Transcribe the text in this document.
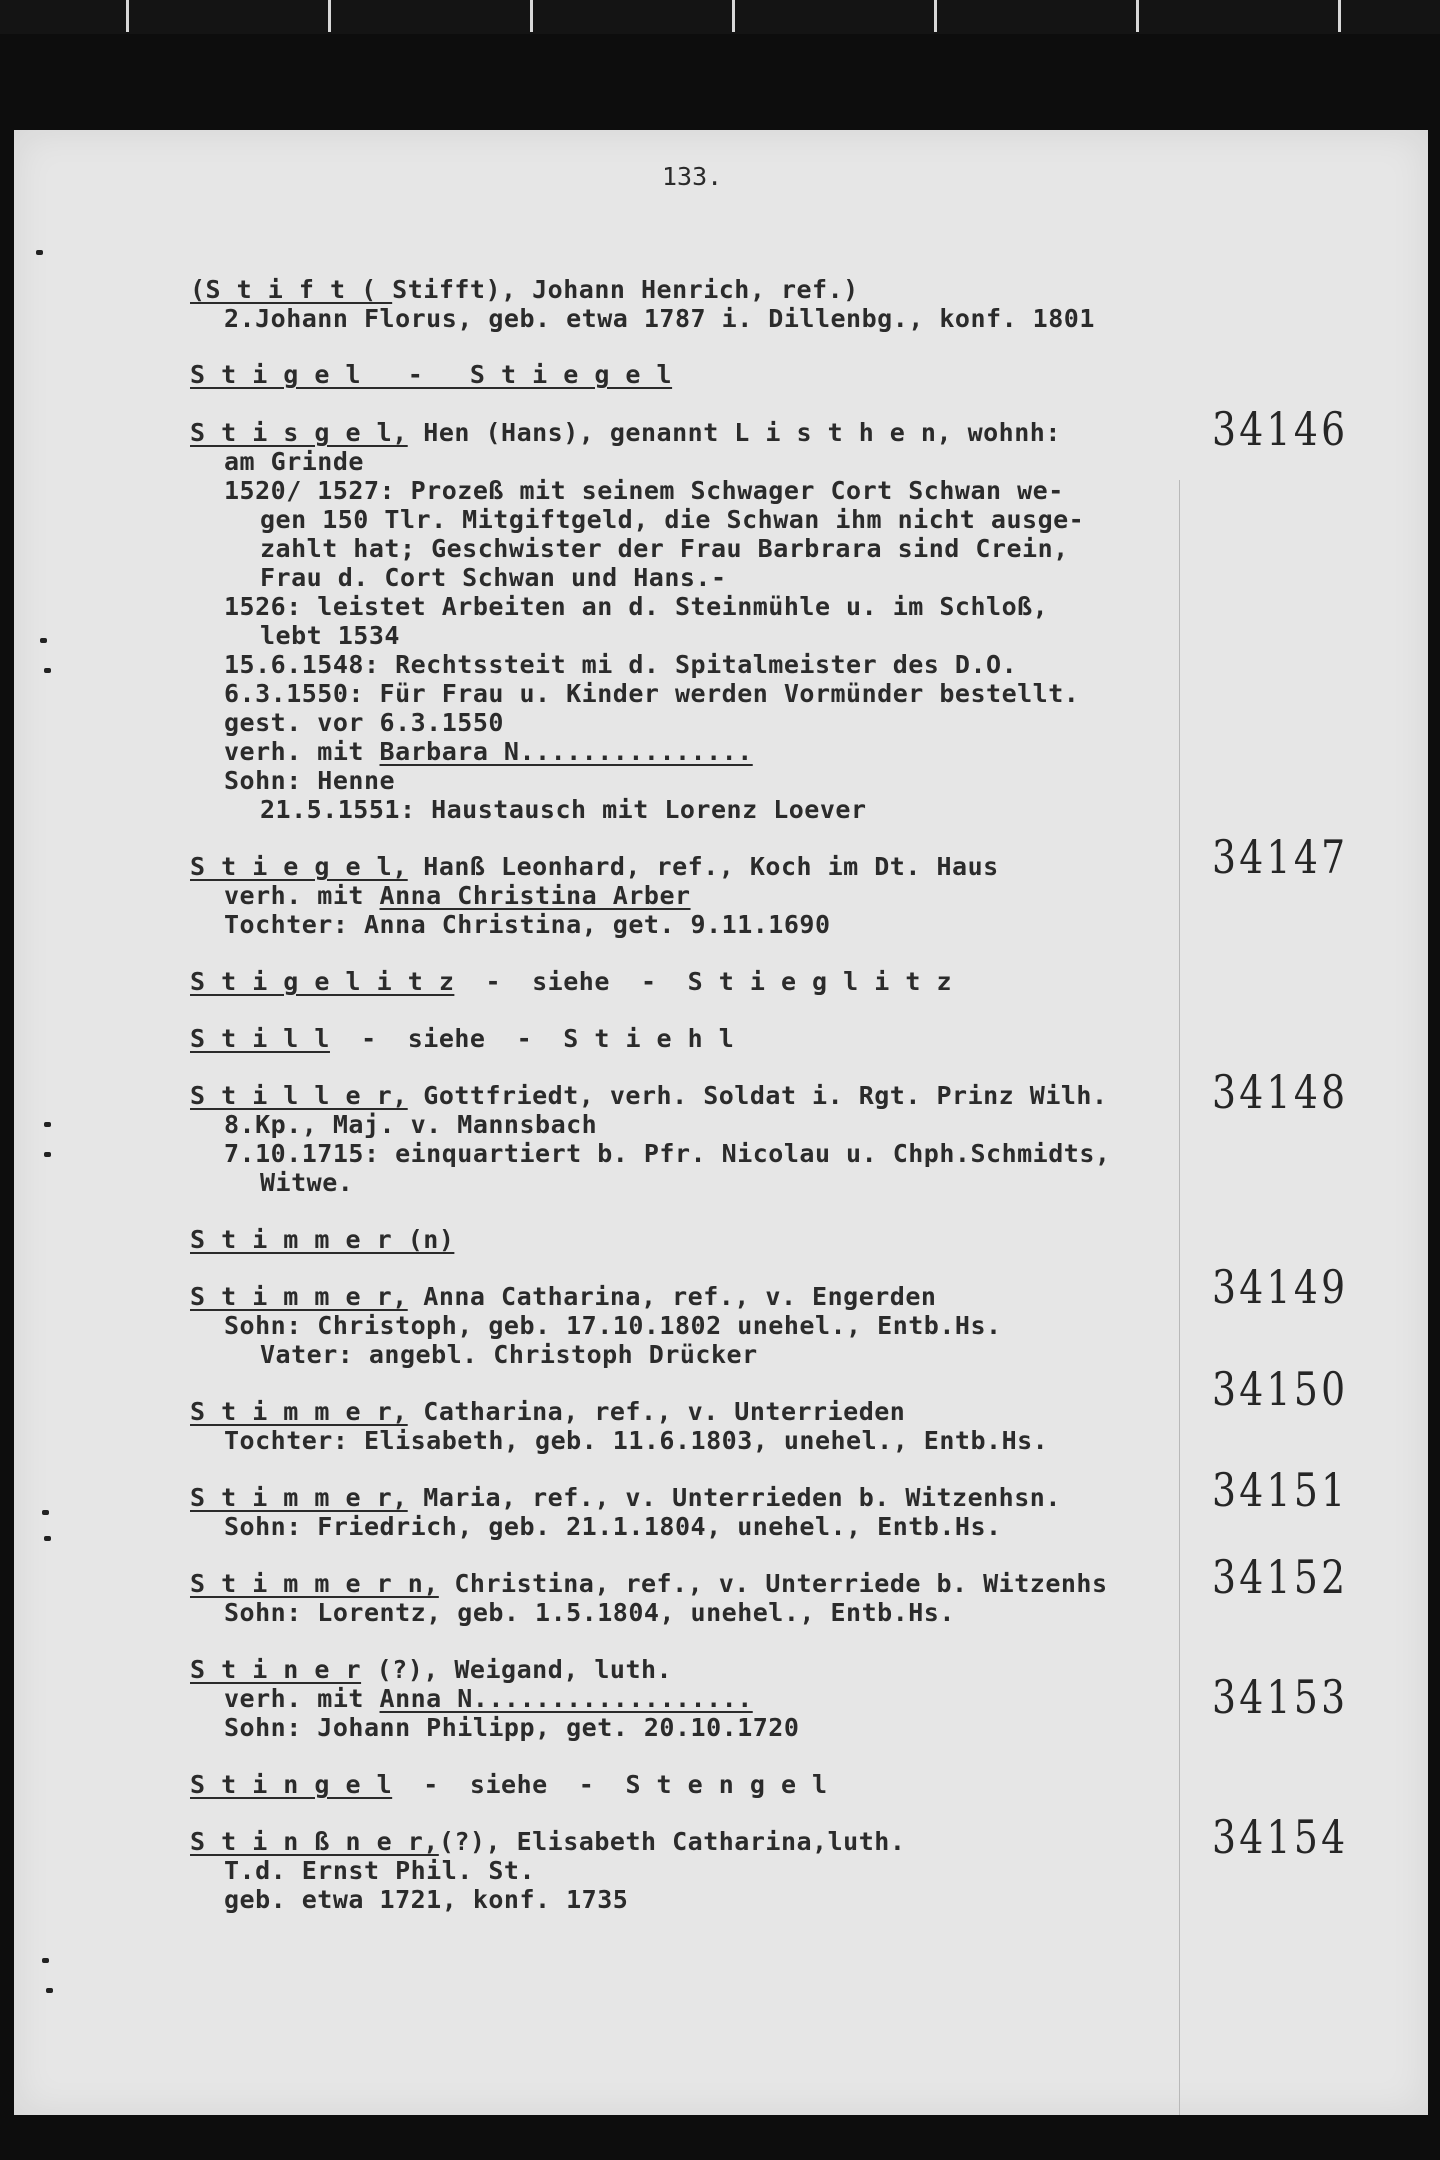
133.
(S t i f t ( Stifft), Johann Henrich, ref.)
2.Johann Florus, geb. etwa 1787 i. Dillenbg., konf. 1801
S t i g e l   -   S t i e g e l
S t i s g e l, Hen (Hans), genannt L i s t h e n, wohnh:
am Grinde
1520/ 1527: Prozeß mit seinem Schwager Cort Schwan we-
gen 150 Tlr. Mitgiftgeld, die Schwan ihm nicht ausge-
zahlt hat; Geschwister der Frau Barbrara sind Crein,
Frau d. Cort Schwan und Hans.-
1526: leistet Arbeiten an d. Steinmühle u. im Schloß,
lebt 1534
15.6.1548: Rechtssteit mi d. Spitalmeister des D.O.
6.3.1550: Für Frau u. Kinder werden Vormünder bestellt.
gest. vor 6.3.1550
verh. mit Barbara N...............
Sohn: Henne
21.5.1551: Haustausch mit Lorenz Loever
S t i e g e l, Hanß Leonhard, ref., Koch im Dt. Haus
verh. mit Anna Christina Arber
Tochter: Anna Christina, get. 9.11.1690
S t i g e l i t z  -  siehe  -  S t i e g l i t z
S t i l l  -  siehe  -  S t i e h l
S t i l l e r, Gottfriedt, verh. Soldat i. Rgt. Prinz Wilh.
8.Kp., Maj. v. Mannsbach
7.10.1715: einquartiert b. Pfr. Nicolau u. Chph.Schmidts,
Witwe.
S t i m m e r (n)
S t i m m e r, Anna Catharina, ref., v. Engerden
Sohn: Christoph, geb. 17.10.1802 unehel., Entb.Hs.
Vater: angebl. Christoph Drücker
S t i m m e r, Catharina, ref., v. Unterrieden
Tochter: Elisabeth, geb. 11.6.1803, unehel., Entb.Hs.
S t i m m e r, Maria, ref., v. Unterrieden b. Witzenhsn.
Sohn: Friedrich, geb. 21.1.1804, unehel., Entb.Hs.
S t i m m e r n, Christina, ref., v. Unterriede b. Witzenhs
Sohn: Lorentz, geb. 1.5.1804, unehel., Entb.Hs.
S t i n e r (?), Weigand, luth.
verh. mit Anna N..................
Sohn: Johann Philipp, get. 20.10.1720
S t i n g e l  -  siehe  -  S t e n g e l
S t i n ß n e r,(?), Elisabeth Catharina,luth.
T.d. Ernst Phil. St.
geb. etwa 1721, konf. 1735
34146
34147
34148
34149
34150
34151
34152
34153
34154
